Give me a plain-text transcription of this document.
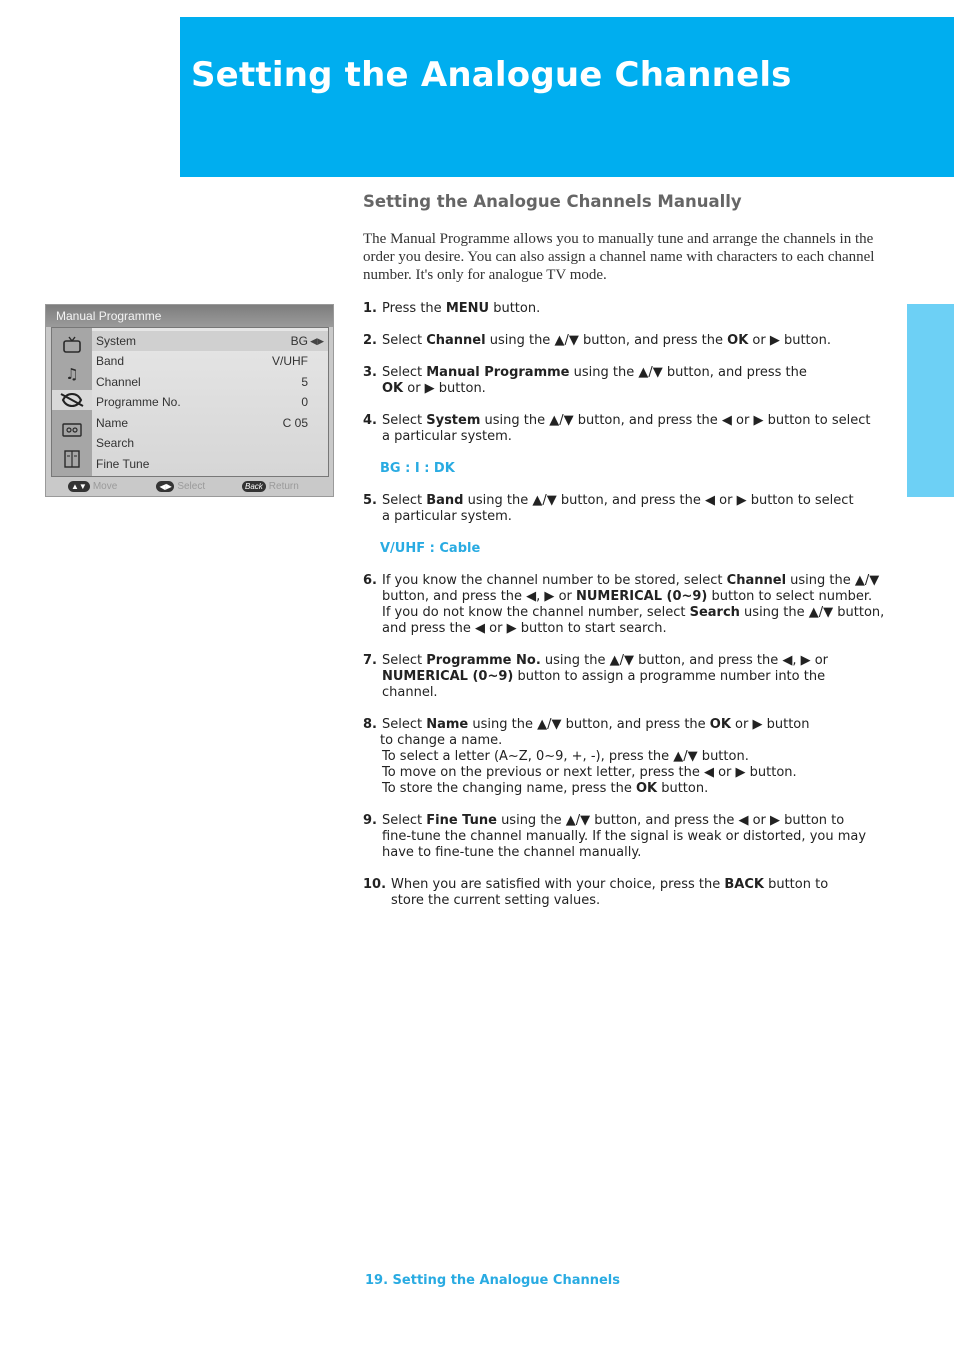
Setting the Analogue Channels
Setting the Analogue Channels Manually

The Manual Programme allows you to manually tune and arrange the channels in the order you desire. You can also assign a channel name with characters to each channel number. It's only for analogue TV mode.

Manual Programme
♫
System	BG ◀▶
Band	V/UHF
Channel	5
Programme No.	0
Name	C 05
Search
Fine Tune
▲▼ Move	◀▶ Select	Back Return
1. Press the MENU button.
2. Select Channel using the ▲/▼ button, and press the OK or ▶ button.
3. Select Manual Programme using the ▲/▼ button, and press the
OK or ▶ button.
4. Select System using the ▲/▼ button, and press the ◀ or ▶ button to select
a particular system.
BG : I : DK
5. Select Band using the ▲/▼ button, and press the ◀ or ▶ button to select
a particular system.
V/UHF : Cable
6. If you know the channel number to be stored, select Channel using the ▲/▼
button, and press the ◀, ▶ or NUMERICAL (0~9) button to select number.
If you do not know the channel number, select Search using the ▲/▼ button,
and press the ◀ or ▶ button to start search.
7. Select Programme No. using the ▲/▼ button, and press the ◀, ▶ or
NUMERICAL (0~9) button to assign a programme number into the
channel.
8. Select Name using the ▲/▼ button, and press the OK or ▶ button
to change a name.
To select a letter (A~Z, 0~9, +, -), press the ▲/▼ button.
To move on the previous or next letter, press the ◀ or ▶ button.
To store the changing name, press the OK button.
9. Select Fine Tune using the ▲/▼ button, and press the ◀ or ▶ button to
fine-tune the channel manually. If the signal is weak or distorted, you may
have to fine-tune the channel manually.
10. When you are satisfied with your choice, press the BACK button to
store the current setting values.

19. Setting the Analogue Channels
